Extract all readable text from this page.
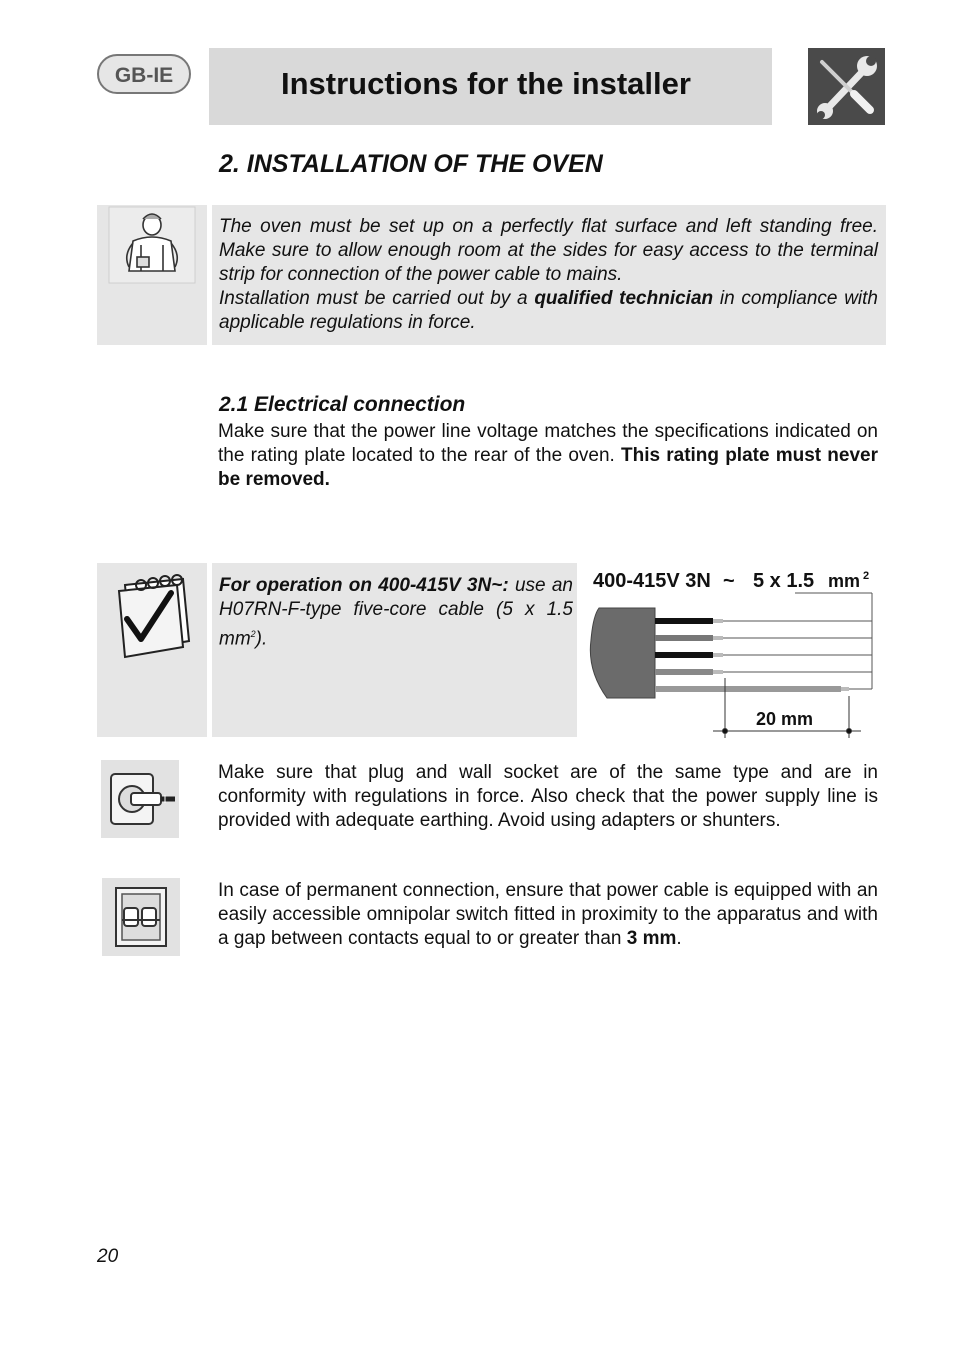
GB-IE	Instructions for the installer
2. INSTALLATION OF THE OVEN
The oven must be set up on a perfectly flat surface and left standing free. Make sure to allow enough room at the sides for easy access to the terminal strip for connection of the power cable to mains.
Installation must be carried out by a qualified technician in compliance with applicable regulations in force.
2.1 Electrical connection
Make sure that the power line voltage matches the specifications indicated on the rating plate located to the rear of the oven. This rating plate must never be removed.
For operation on 400-415V 3N~: use an H07RN-F-type five-core cable (5 x 1.5 $mm^2$).
400-415V 3N ~ 5 x 1.5 mm 2
20 mm
Make sure that plug and wall socket are of the same type and are in conformity with regulations in force. Also check that the power supply line is provided with adequate earthing. Avoid using adapters or shunters.
In case of permanent connection, ensure that power cable is equipped with an easily accessible omnipolar switch fitted in proximity to the apparatus and with a gap between contacts equal to or greater than 3 mm.
20
